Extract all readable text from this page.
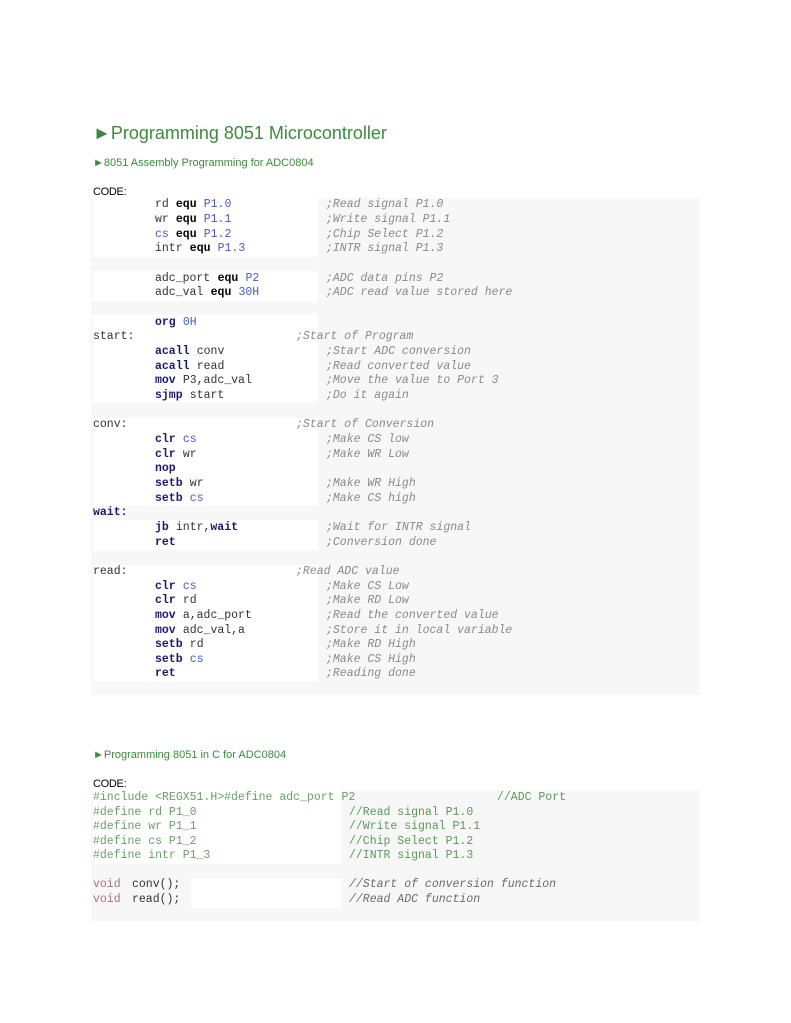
►Programming 8051 Microcontroller
►8051 Assembly Programming for ADC0804
CODE:
rd equ P1.0	;Read signal P1.0
wr equ P1.1	;Write signal P1.1
cs equ P1.2	;Chip Select P1.2
intr equ P1.3	;INTR signal P1.3
adc_port equ P2	;ADC data pins P2
adc_val equ 30H	;ADC read value stored here
org 0H
start:	;Start of Program
acall conv	;Start ADC conversion
acall read	;Read converted value
mov P3,adc_val	;Move the value to Port 3
sjmp start	;Do it again
conv:	;Start of Conversion
clr cs	;Make CS low
clr wr	;Make WR Low
nop
setb wr	;Make WR High
setb cs	;Make CS high
wait:
jb intr,wait	;Wait for INTR signal
ret	;Conversion done
read:	;Read ADC value
clr cs	;Make CS Low
clr rd	;Make RD Low
mov a,adc_port	;Read the converted value
mov adc_val,a	;Store it in local variable
setb rd	;Make RD High
setb cs	;Make CS High
ret	;Reading done
►Programming 8051 in C for ADC0804
CODE:
#include <REGX51.H>#define adc_port P2	//ADC Port
#define rd P1_0	//Read signal P1.0
#define wr P1_1	//Write signal P1.1
#define cs P1_2	//Chip Select P1.2
#define intr P1_3	//INTR signal P1.3
void conv();	//Start of conversion function
void read();	//Read ADC function
